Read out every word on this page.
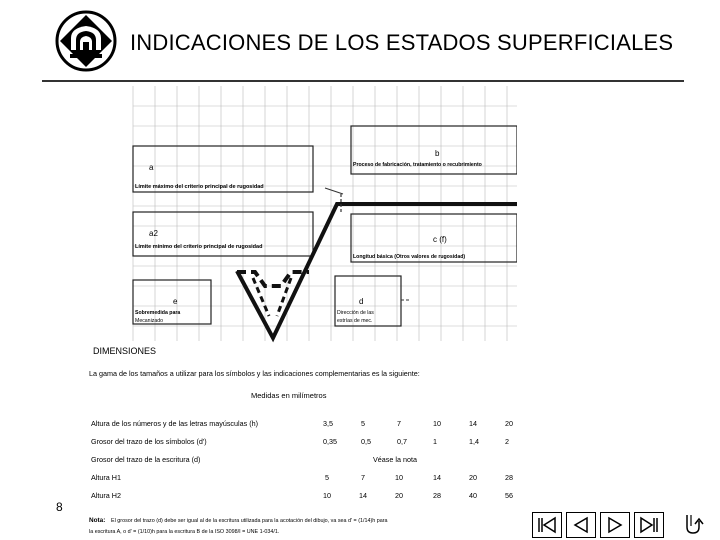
INDICACIONES DE LOS ESTADOS SUPERFICIALES
a
Límite máximo del criterio principal de rugosidad
a2
Límite mínimo del criterio principal de rugosidad
b
Proceso de fabricación, tratamiento o recubrimiento
c (f)
Longitud básica (Otros valores de rugosidad)
e
Sobremedida para
Mecanizado
d
Dirección de las
estrías de mec.
DIMENSIONES
La gama de los tamaños a utilizar para los símbolos y las indicaciones complementarias es la siguiente:
Medidas en milímetros
Altura de los números y de las letras mayúsculas (h)	3,5	5	7	10	14	20
Grosor del trazo de los símbolos (d')	0,35	0,5	0,7	1	1,4	2
Grosor del trazo de la escritura (d)	Véase la nota
Altura H1	5	7	10	14	20	28
Altura H2	10	14	20	28	40	56
Nota: El grosor del trazo (d) debe ser igual al de la escritura utilizada para la acotación del dibujo, va sea d' = (1/14)h para
la escritura A, o d' = (1/10)h para la escritura B de la ISO 3098/I = UNE 1-034/1.
8
